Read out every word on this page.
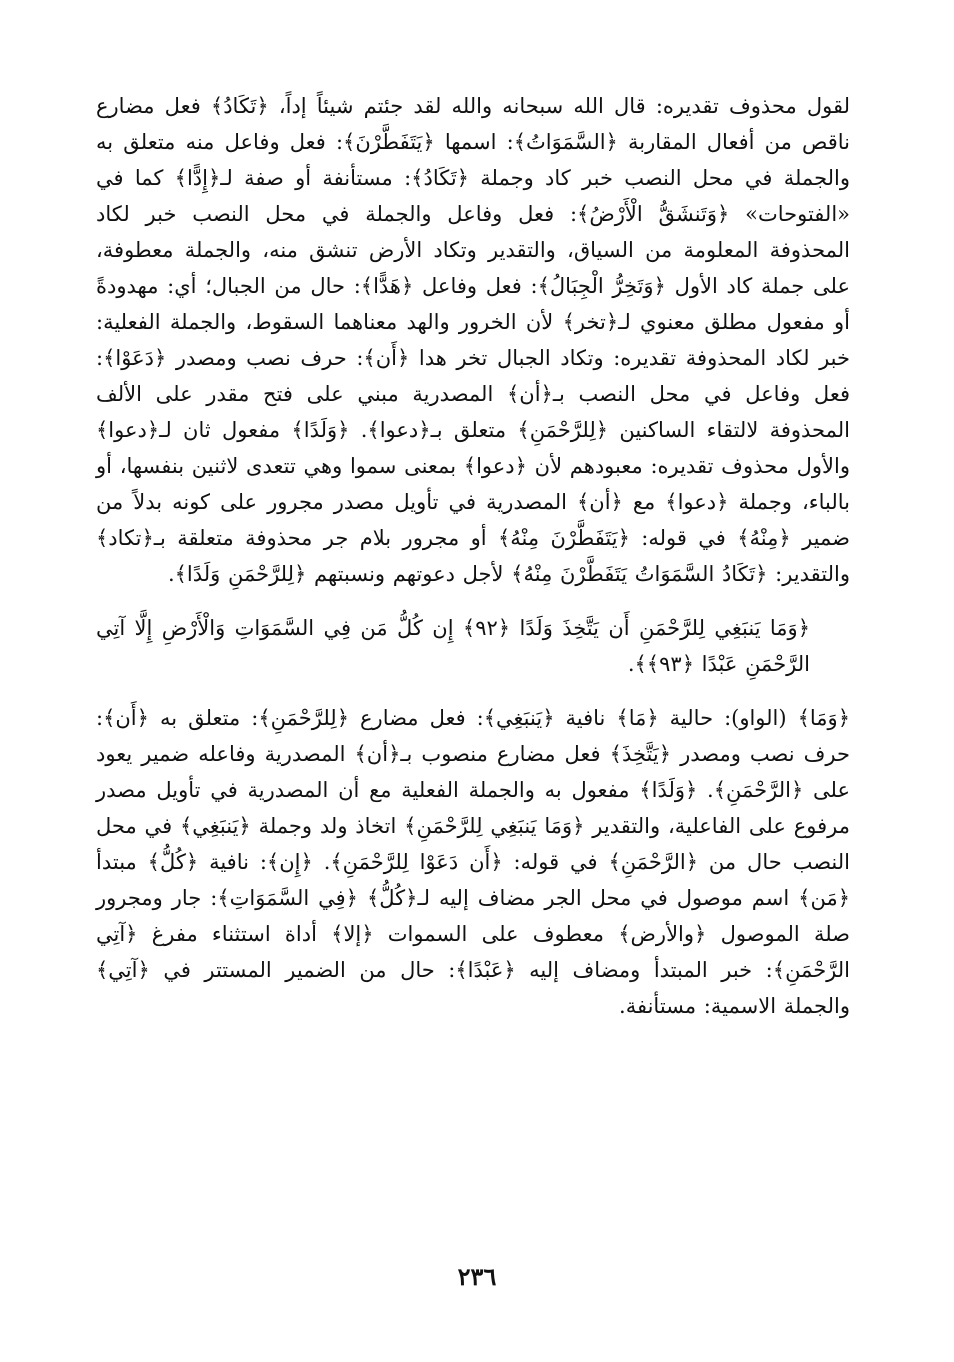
لقول محذوف تقديره: قال الله سبحانه والله لقد جئتم شيئاً إداً، ﴿تَكَادُ﴾ فعل مضارع ناقص من أفعال المقاربة ﴿السَّمَوَاتُ﴾: اسمها ﴿يَتَفَطَّرْنَ﴾: فعل وفاعل منه متعلق به والجملة في محل النصب خبر كاد وجملة ﴿تَكَادُ﴾: مستأنفة أو صفة لـ﴿إِدًّا﴾ كما في «الفتوحات» ﴿وَتَنشَقُّ الْأَرْضُ﴾: فعل وفاعل والجملة في محل النصب خبر لكاد المحذوفة المعلومة من السياق، والتقدير وتكاد الأرض تنشق منه، والجملة معطوفة، على جملة كاد الأول ﴿وَتَخِرُّ الْجِبَالُ﴾: فعل وفاعل ﴿هَدًّا﴾: حال من الجبال؛ أي: مهدودةً أو مفعول مطلق معنوي لـ﴿تخر﴾ لأن الخرور والهد معناهما السقوط، والجملة الفعلية: خبر لكاد المحذوفة تقديره: وتكاد الجبال تخر هدا ﴿أَن﴾: حرف نصب ومصدر ﴿دَعَوْا﴾: فعل وفاعل في محل النصب بـ﴿أن﴾ المصدرية مبني على فتح مقدر على الألف المحذوفة لالتقاء الساكنين ﴿لِلرَّحْمَنِ﴾ متعلق بـ﴿دعوا﴾. ﴿وَلَدًا﴾ مفعول ثان لـ﴿دعوا﴾ والأول محذوف تقديره: معبودهم لأن ﴿دعوا﴾ بمعنى سموا وهي تتعدى لاثنين بنفسها، أو بالباء، وجملة ﴿دعوا﴾ مع ﴿أن﴾ المصدرية في تأويل مصدر مجرور على كونه بدلاً من ضمير ﴿مِنْهُ﴾ في قوله: ﴿يَتَفَطَّرْنَ مِنْهُ﴾ أو مجرور بلام جر محذوفة متعلقة بـ﴿تكاد﴾ والتقدير: ﴿تَكَادُ السَّمَوَاتُ يَتَفَطَّرْنَ مِنْهُ﴾ لأجل دعوتهم ونسبتهم ﴿لِلرَّحْمَنِ وَلَدًا﴾.

﴿وَمَا يَنبَغِي لِلرَّحْمَنِ أَن يَتَّخِذَ وَلَدًا ﴿٩٢﴾ إِن كُلُّ مَن فِي السَّمَوَاتِ وَالْأَرْضِ إِلَّا آتِي الرَّحْمَنِ عَبْدًا ﴿٩٣﴾﴾.

﴿وَمَا﴾ (الواو): حالية ﴿مَا﴾ نافية ﴿يَنبَغِي﴾: فعل مضارع ﴿لِلرَّحْمَنِ﴾: متعلق به ﴿أَن﴾: حرف نصب ومصدر ﴿يَتَّخِذَ﴾ فعل مضارع منصوب بـ﴿أن﴾ المصدرية وفاعله ضمير يعود على ﴿الرَّحْمَنِ﴾. ﴿وَلَدًا﴾ مفعول به والجملة الفعلية مع أن المصدرية في تأويل مصدر مرفوع على الفاعلية، والتقدير ﴿وَمَا يَنبَغِي لِلرَّحْمَنِ﴾ اتخاذ ولد وجملة ﴿يَنبَغِي﴾ في محل النصب حال من ﴿الرَّحْمَنِ﴾ في قوله: ﴿أَن دَعَوْا لِلرَّحْمَنِ﴾. ﴿إِن﴾: نافية ﴿كُلُّ﴾ مبتدأ ﴿مَن﴾ اسم موصول في محل الجر مضاف إليه لـ﴿كُلُّ﴾ ﴿فِي السَّمَوَاتِ﴾: جار ومجرور صلة الموصول ﴿والأرض﴾ معطوف على السموات ﴿إلا﴾ أداة استثناء مفرغ ﴿آتِي الرَّحْمَنِ﴾: خبر المبتدأ ومضاف إليه ﴿عَبْدًا﴾: حال من الضمير المستتر في ﴿آتِي﴾ والجملة الاسمية: مستأنفة.

٢٣٦
